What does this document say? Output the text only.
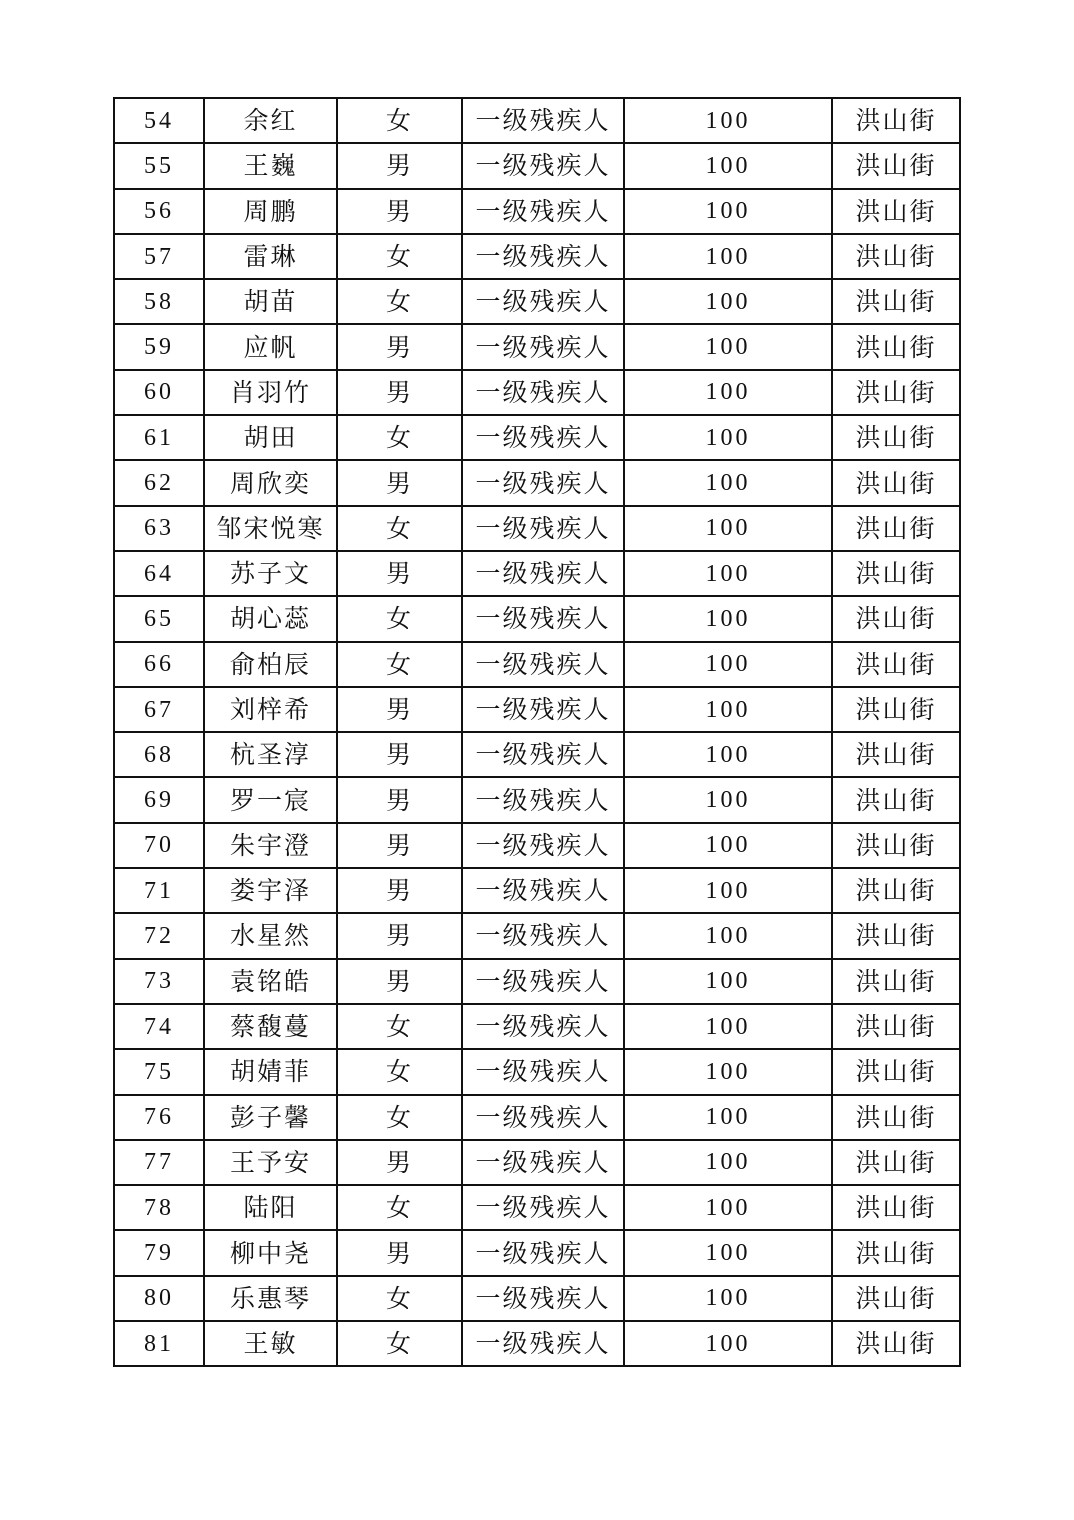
54	余红	女	一级残疾人	100	洪山街
55	王巍	男	一级残疾人	100	洪山街
56	周鹏	男	一级残疾人	100	洪山街
57	雷琳	女	一级残疾人	100	洪山街
58	胡苗	女	一级残疾人	100	洪山街
59	应帆	男	一级残疾人	100	洪山街
60	肖羽竹	男	一级残疾人	100	洪山街
61	胡田	女	一级残疾人	100	洪山街
62	周欣奕	男	一级残疾人	100	洪山街
63	邹宋悦寒	女	一级残疾人	100	洪山街
64	苏子文	男	一级残疾人	100	洪山街
65	胡心蕊	女	一级残疾人	100	洪山街
66	俞柏辰	女	一级残疾人	100	洪山街
67	刘梓希	男	一级残疾人	100	洪山街
68	杭圣淳	男	一级残疾人	100	洪山街
69	罗一宸	男	一级残疾人	100	洪山街
70	朱宇澄	男	一级残疾人	100	洪山街
71	娄宇泽	男	一级残疾人	100	洪山街
72	水星然	男	一级残疾人	100	洪山街
73	袁铭皓	男	一级残疾人	100	洪山街
74	蔡馥蔓	女	一级残疾人	100	洪山街
75	胡婧菲	女	一级残疾人	100	洪山街
76	彭子馨	女	一级残疾人	100	洪山街
77	王予安	男	一级残疾人	100	洪山街
78	陆阳	女	一级残疾人	100	洪山街
79	柳中尧	男	一级残疾人	100	洪山街
80	乐惠琴	女	一级残疾人	100	洪山街
81	王敏	女	一级残疾人	100	洪山街
